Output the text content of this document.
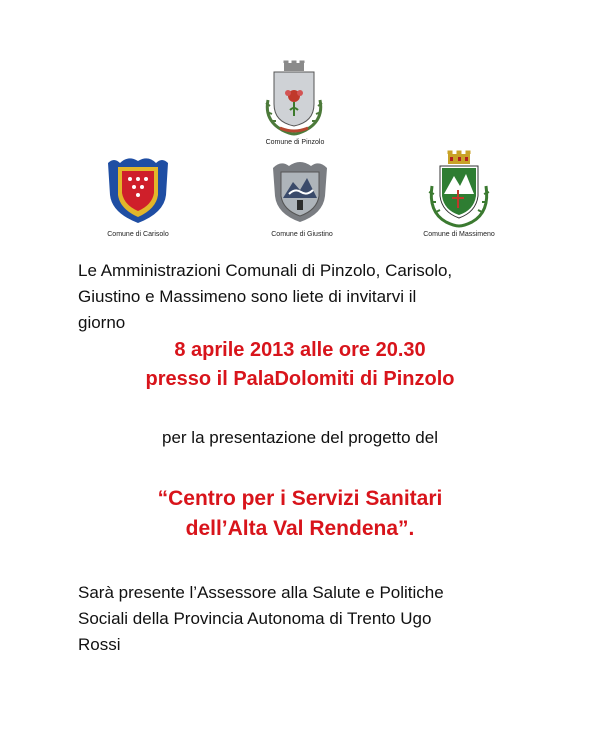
Comune di Pinzolo
Comune di Carisolo	Comune di Giustino	Comune di Massimeno
Le Amministrazioni Comunali di Pinzolo, Carisolo,
Giustino e Massimeno sono liete di invitarvi il
giorno
8 aprile 2013 alle ore 20.30
presso il PalaDolomiti di Pinzolo
per la presentazione del progetto del
“Centro per i Servizi Sanitari
dell’Alta Val Rendena”.
Sarà presente l’Assessore alla Salute e Politiche
Sociali della Provincia Autonoma di Trento Ugo
Rossi
